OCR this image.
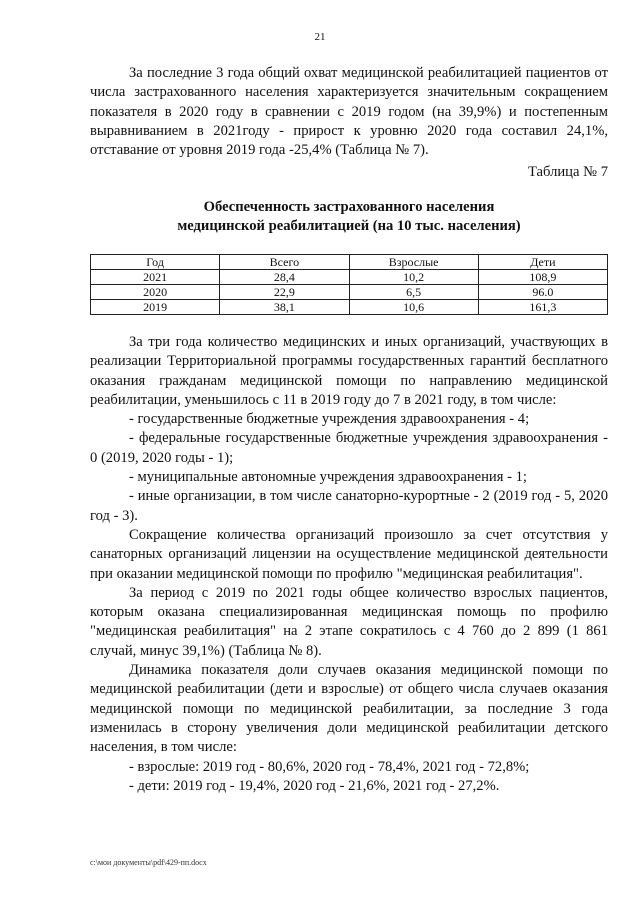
21

За последние 3 года общий охват медицинской реабилитацией пациентов от числа застрахованного населения характеризуется значительным сокращением показателя в 2020 году в сравнении с 2019 годом (на 39,9%) и постепенным выравниванием в 2021году - прирост к уровню 2020 года составил 24,1%, отставание от уровня 2019 года -25,4% (Таблица № 7).

Таблица № 7
Обеспеченность застрахованного населения
медицинской реабилитацией (на 10 тыс. населения)
Год	Всего	Взрослые	Дети
2021	28,4	10,2	108,9
2020	22,9	6,5	96.0
2019	38,1	10,6	161,3

За три года количество медицинских и иных организаций, участвующих в реализации Территориальной программы государственных гарантий бесплатного оказания гражданам медицинской помощи по направлению медицинской реабилитации, уменьшилось с 11 в 2019 году до 7 в 2021 году, в том числе:

- государственные бюджетные учреждения здравоохранения - 4;

- федеральные государственные бюджетные учреждения здравоохранения - 0 (2019, 2020 годы - 1);

- муниципальные автономные учреждения здравоохранения - 1;

- иные организации, в том числе санаторно-курортные - 2 (2019 год - 5, 2020 год - 3).

Сокращение количества организаций произошло за счет отсутствия у санаторных организаций лицензии на осуществление медицинской деятельности при оказании медицинской помощи по профилю "медицинская реабилитация".

За период с 2019 по 2021 годы общее количество взрослых пациентов, которым оказана специализированная медицинская помощь по профилю "медицинская реабилитация" на 2 этапе сократилось с 4 760 до 2 899 (1 861 случай, минус 39,1%) (Таблица № 8).

Динамика показателя доли случаев оказания медицинской помощи по медицинской реабилитации (дети и взрослые) от общего числа случаев оказания медицинской помощи по медицинской реабилитации, за последние 3 года изменилась в сторону увеличения доли медицинской реабилитации детского населения, в том числе:

- взрослые: 2019 год - 80,6%, 2020 год - 78,4%, 2021 год - 72,8%;

- дети: 2019 год - 19,4%, 2020 год - 21,6%, 2021 год - 27,2%.

c:\мои документы\pdf\429-пп.docx
